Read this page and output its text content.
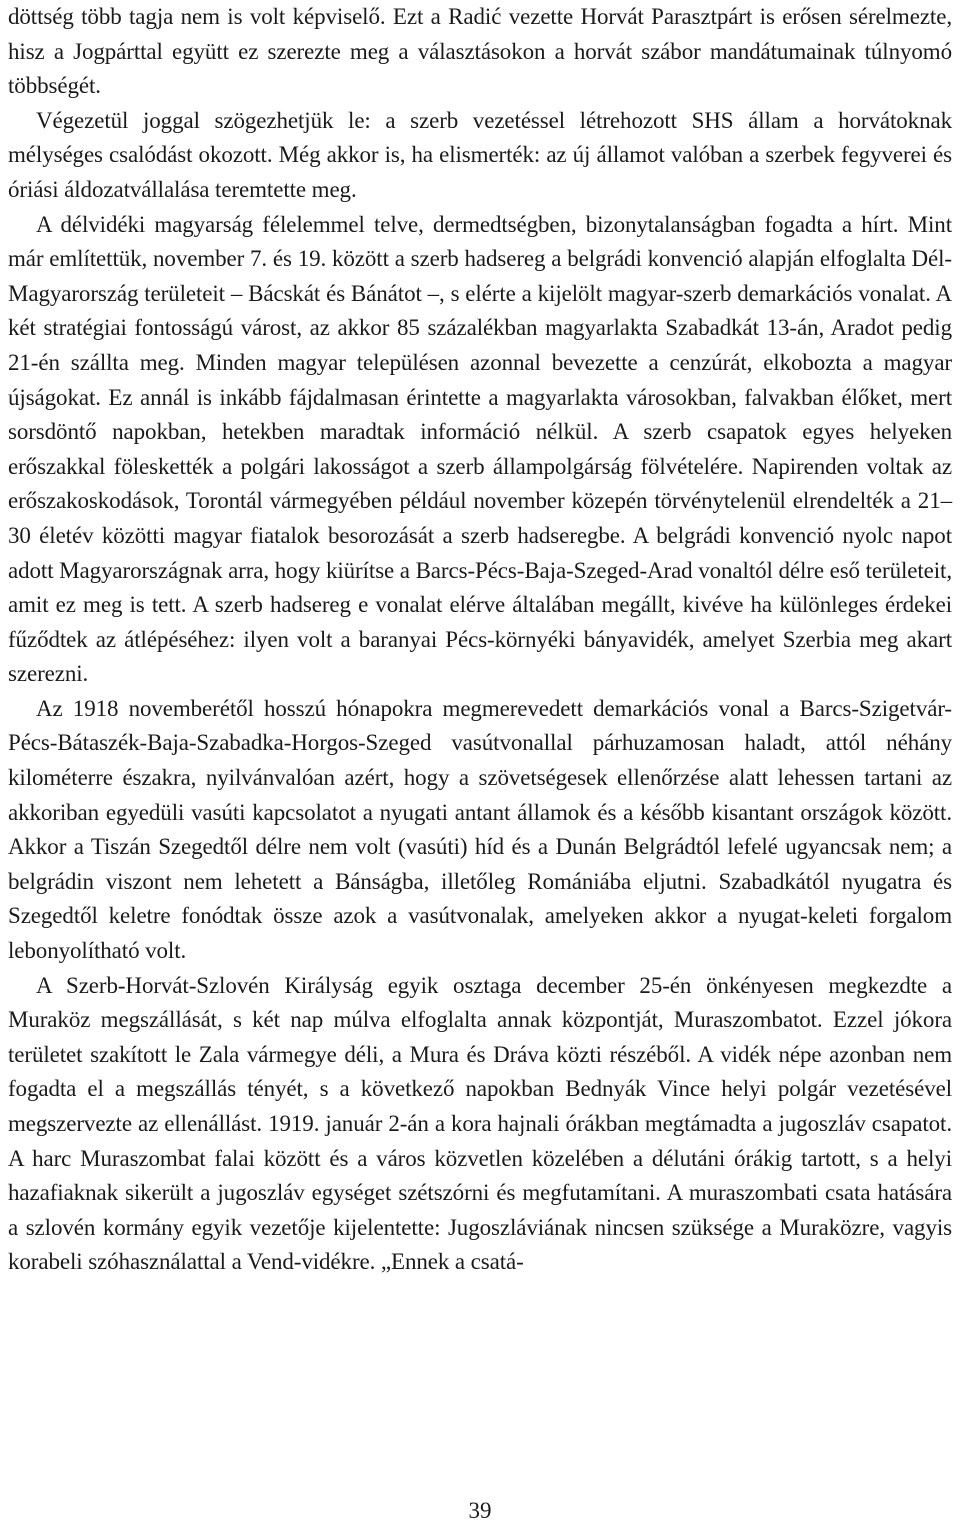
döttség több tagja nem is volt képviselő. Ezt a Radić vezette Horvát Parasztpárt is erősen sérelmezte, hisz a Jogpárttal együtt ez szerezte meg a választásokon a horvát szábor mandátumainak túlnyomó többségét.

Végezetül joggal szögezhetjük le: a szerb vezetéssel létrehozott SHS állam a horvátoknak mélységes csalódást okozott. Még akkor is, ha elismerték: az új államot valóban a szerbek fegyverei és óriási áldozatvállalása teremtette meg.

A délvidéki magyarság félelemmel telve, dermedtségben, bizonytalanságban fogadta a hírt. Mint már említettük, november 7. és 19. között a szerb hadsereg a belgrádi konvenció alapján elfoglalta Dél-Magyarország területeit – Bácskát és Bánátot –, s elérte a kijelölt magyar-szerb demarkációs vonalat. A két stratégiai fontosságú várost, az akkor 85 százalékban magyarlakta Szabadkát 13-án, Aradot pedig 21-én szállta meg. Minden magyar településen azonnal bevezette a cenzúrát, elkobozta a magyar újságokat. Ez annál is inkább fájdalmasan érintette a magyarlakta városokban, falvakban élőket, mert sorsdöntő napokban, hetekben maradtak információ nélkül. A szerb csapatok egyes helyeken erőszakkal föleskették a polgári lakosságot a szerb állampolgárság fölvételére. Napirenden voltak az erőszakoskodások, Torontál vármegyében például november közepén törvénytelenül elrendelték a 21–30 életév közötti magyar fiatalok besorozását a szerb hadseregbe. A belgrádi konvenció nyolc napot adott Magyarországnak arra, hogy kiürítse a Barcs-Pécs-Baja-Szeged-Arad vonaltól délre eső területeit, amit ez meg is tett. A szerb hadsereg e vonalat elérve általában megállt, kivéve ha különleges érdekei fűződtek az átlépéséhez: ilyen volt a baranyai Pécs-környéki bányavidék, amelyet Szerbia meg akart szerezni.

Az 1918 novemberétől hosszú hónapokra megmerevedett demarkációs vonal a Barcs-Szigetvár-Pécs-Bátaszék-Baja-Szabadka-Horgos-Szeged vasútvonallal párhuzamosan haladt, attól néhány kilométerre északra, nyilvánvalóan azért, hogy a szövetségesek ellenőrzése alatt lehessen tartani az akkoriban egyedüli vasúti kapcsolatot a nyugati antant államok és a később kisantant országok között. Akkor a Tiszán Szegedtől délre nem volt (vasúti) híd és a Dunán Belgrádtól lefelé ugyancsak nem; a belgrádin viszont nem lehetett a Bánságba, illetőleg Romániába eljutni. Szabadkától nyugatra és Szegedtől keletre fonódtak össze azok a vasútvonalak, amelyeken akkor a nyugat-keleti forgalom lebonyolítható volt.

A Szerb-Horvát-Szlovén Királyság egyik osztaga december 25-én önkényesen megkezdte a Muraköz megszállását, s két nap múlva elfoglalta annak központját, Muraszombatot. Ezzel jókora területet szakított le Zala vármegye déli, a Mura és Dráva közti részéből. A vidék népe azonban nem fogadta el a megszállás tényét, s a következő napokban Bednyák Vince helyi polgár vezetésével megszervezte az ellenállást. 1919. január 2-án a kora hajnali órákban megtámadta a jugoszláv csapatot. A harc Muraszombat falai között és a város közvetlen közelében a délutáni órákig tartott, s a helyi hazafiaknak sikerült a jugoszláv egységet szétszórni és megfutamítani. A muraszombati csata hatására a szlovén kormány egyik vezetője kijelentette: Jugoszláviának nincsen szüksége a Muraközre, vagyis korabeli szóhasználattal a Vend-vidékre. „Ennek a csatá-

39
